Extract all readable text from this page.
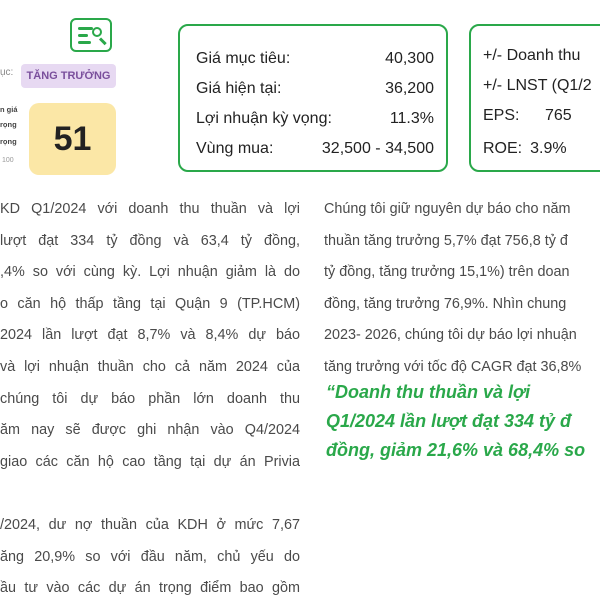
ục:	TĂNG TRƯỞNG
n giá
rọng
rọng	51
100
Giá mục tiêu:	40,300
Giá hiện tại:	36,200
Lợi nhuận kỳ vọng:	11.3%
Vùng mua:	32,500 - 34,500
+/- Doanh thu
+/- LNST (Q1/2
EPS:	765
ROE: 3.9%
KD Q1/2024 với doanh thu thuần và lợi
lượt đạt 334 tỷ đồng và 63,4 tỷ đồng,
,4% so với cùng kỳ. Lợi nhuận giảm là do
o căn hộ thấp tầng tại Quận 9 (TP.HCM)
2024 lần lượt đạt 8,7% và 8,4% dự báo
và lợi nhuận thuần cho cả năm 2024 của
chúng tôi dự báo phần lớn doanh thu
ăm nay sẽ được ghi nhận vào Q4/2024
giao các căn hộ cao tầng tại dự án Privia
/2024, dư nợ thuần của KDH ở mức 7,67
ăng 20,9% so với đầu năm, chủ yếu do
ầu tư vào các dự án trọng điểm bao gồm
Chúng tôi giữ nguyên dự báo cho năm
thuần tăng trưởng 5,7% đạt 756,8 tỷ đ
tỷ đồng, tăng trưởng 15,1%) trên doan
đồng, tăng trưởng 76,9%. Nhìn chung
2023- 2026, chúng tôi dự báo lợi nhuận
tăng trưởng với tốc độ CAGR đạt 36,8%
“Doanh thu thuần và lợi
Q1/2024 lần lượt đạt 334 tỷ đ
đồng, giảm 21,6% và 68,4% so
